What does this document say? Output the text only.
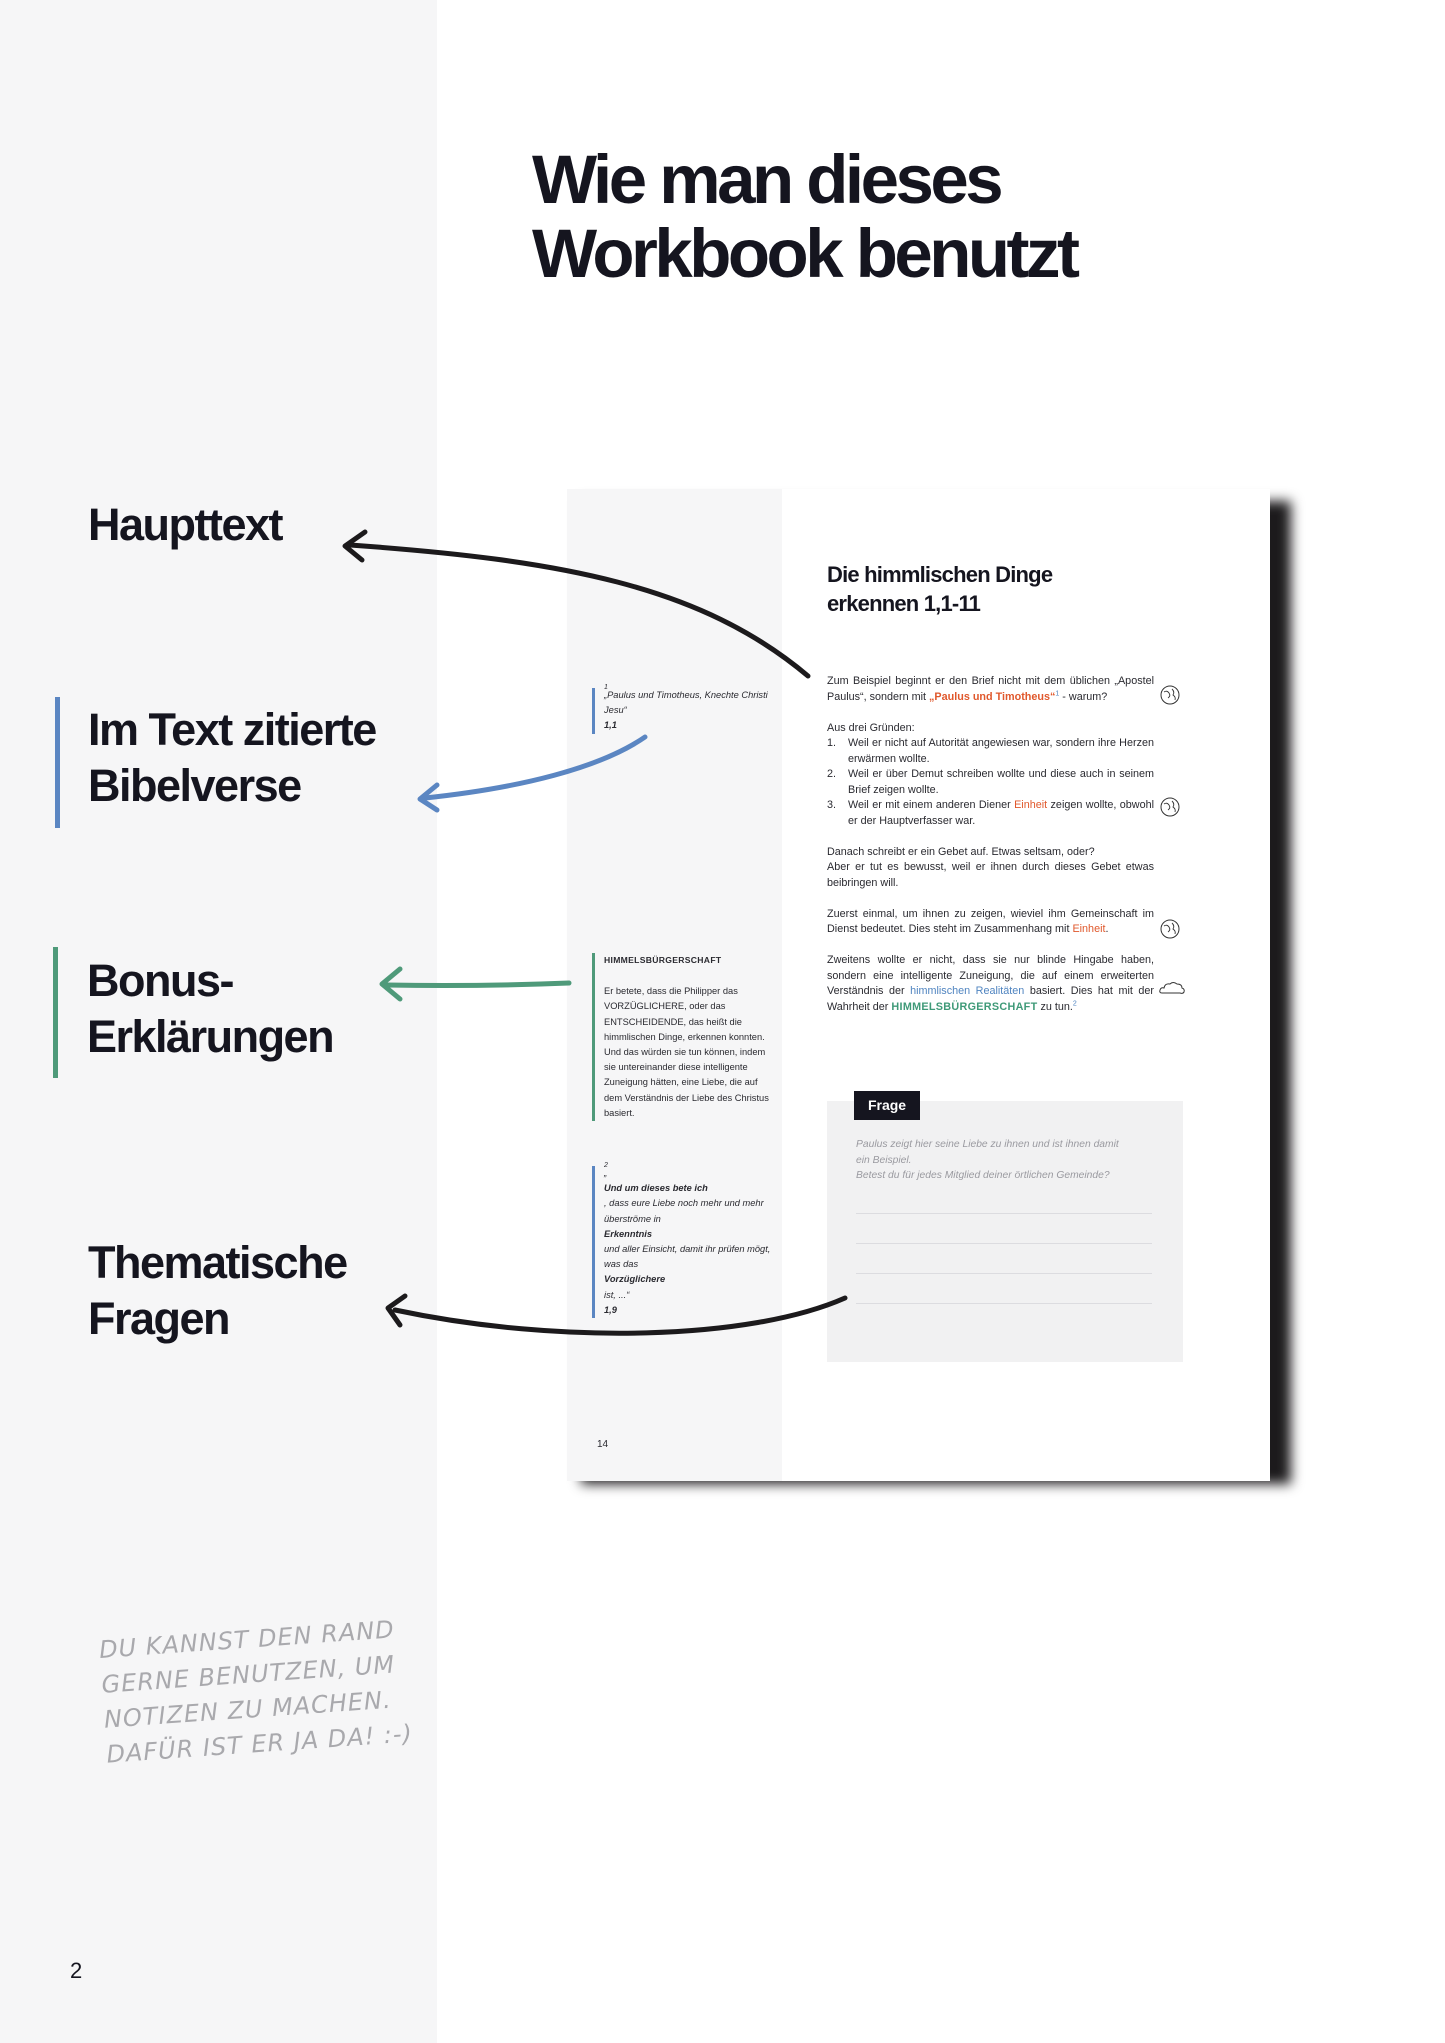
Wie man dieses
Workbook benutzt
Haupttext
Im Text zitierte
Bibelverse
Bonus-
Erklärungen
Thematische
Fragen
DU KANNST DEN RAND
GERNE BENUTZEN, UM
NOTIZEN ZU MACHEN.
DAFÜR IST ER JA DA! :-)
2
Die himmlischen Dinge
erkennen 1,1-11

Zum Beispiel beginnt er den Brief nicht mit dem üblichen „Apostel Paulus“, sondern mit „Paulus und Timotheus“$^1$ - warum?

Aus drei Gründen:

1. Weil er nicht auf Autorität angewiesen war, sondern ihre Herzen erwärmen wollte.
2. Weil er über Demut schreiben wollte und diese auch in seinem Brief zeigen wollte.
3. Weil er mit einem anderen Diener Einheit zeigen wollte, obwohl er der Hauptverfasser war.

Danach schreibt er ein Gebet auf. Etwas seltsam, oder?

Aber er tut es bewusst, weil er ihnen durch dieses Gebet etwas beibringen will.

Zuerst einmal, um ihnen zu zeigen, wieviel ihm Gemeinschaft im Dienst bedeutet. Dies steht im Zusammenhang mit Einheit.

Zweitens wollte er nicht, dass sie nur blinde Hingabe haben, sondern eine intelligente Zuneigung, die auf einem erweiterten Verständnis der himmlischen Realitäten basiert. Dies hat mit der Wahrheit der HIMMELSBÜRGERSCHAFT zu tun.$^2$

1
„Paulus und Timotheus, Knechte Christi Jesu“
1,1
HIMMELSBÜRGERSCHAFT
Er betete, dass die Philipper das VORZÜGLICHERE, oder das ENTSCHEIDENDE, das heißt die himmlischen Dinge, erkennen konnten. Und das würden sie tun können, indem sie untereinander diese intelligente Zuneigung hätten, eine Liebe, die auf dem Verständnis der Liebe des Christus basiert.
2
„
Und um dieses bete ich
, dass eure Liebe noch mehr und mehr überströme in
Erkenntnis
und aller Einsicht, damit ihr prüfen mögt, was das
Vorzüglichere
ist, ...“
1,9
Frage
Paulus zeigt hier seine Liebe zu ihnen und ist ihnen damit
ein Beispiel.
Betest du für jedes Mitglied deiner örtlichen Gemeinde?
14
